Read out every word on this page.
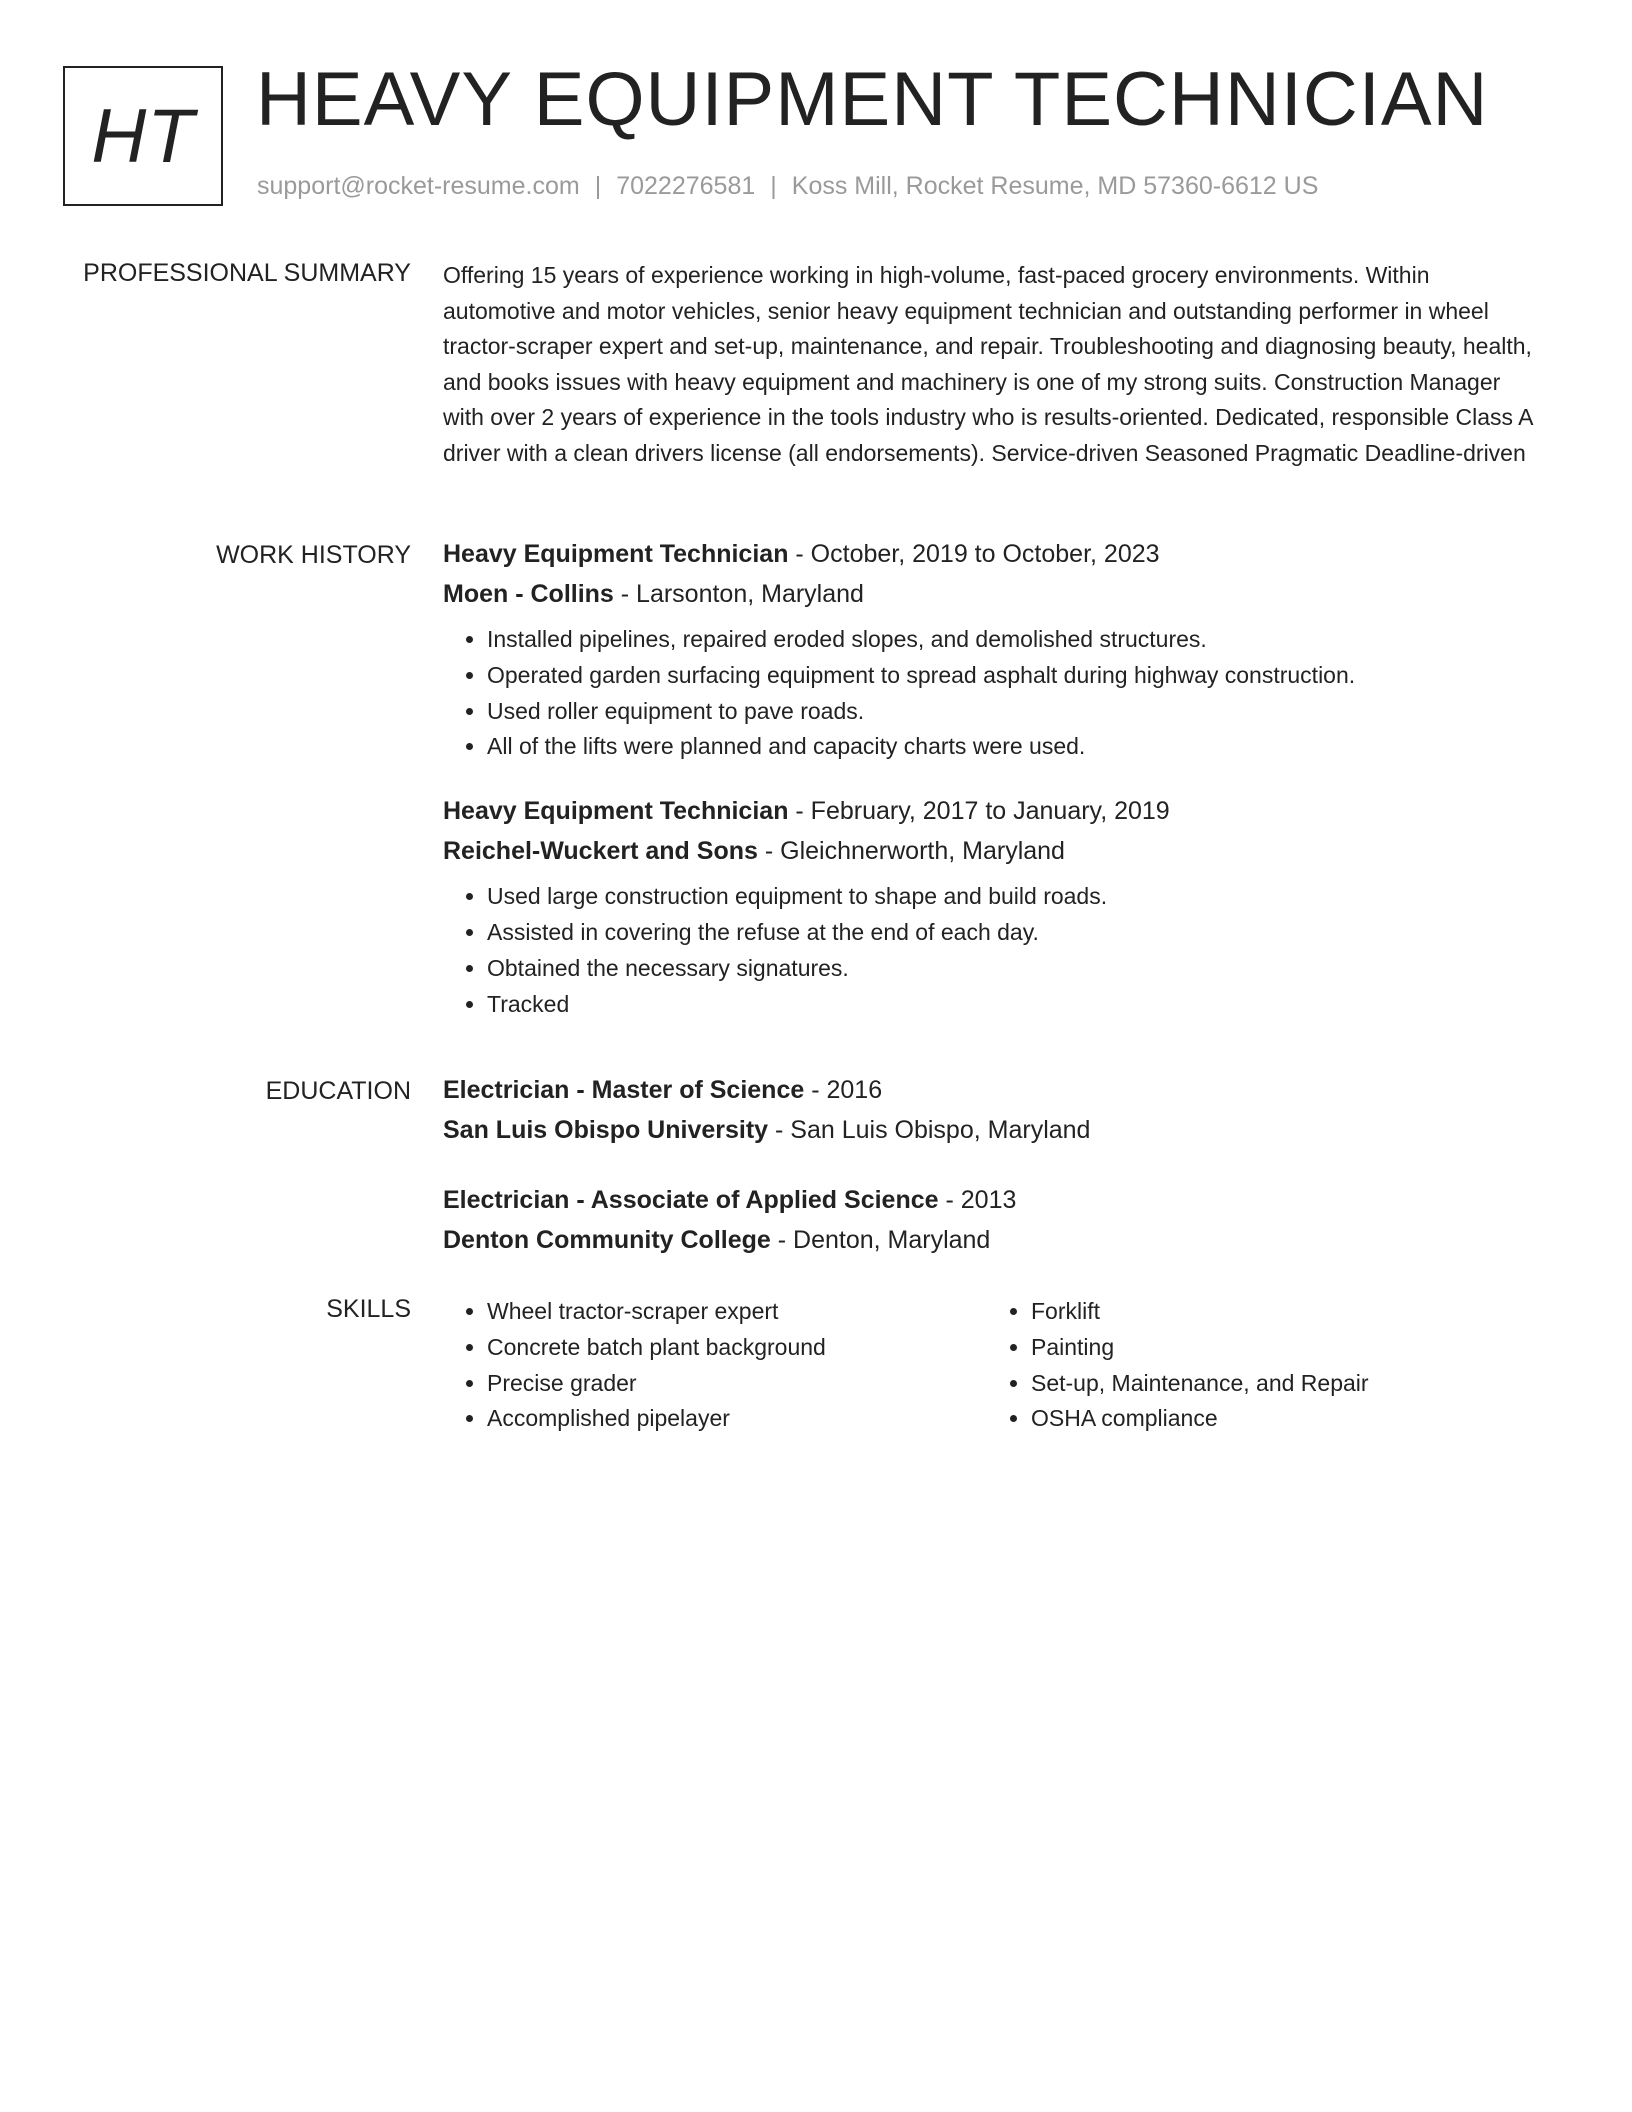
HT HEAVY EQUIPMENT TECHNICIAN
support@rocket-resume.com | 7022276581 | Koss Mill, Rocket Resume, MD 57360-6612 US
PROFESSIONAL SUMMARY Offering 15 years of experience working in high-volume, fast-paced grocery environments. Within automotive and motor vehicles, senior heavy equipment technician and outstanding performer in wheel tractor-scraper expert and set-up, maintenance, and repair. Troubleshooting and diagnosing beauty, health, and books issues with heavy equipment and machinery is one of my strong suits. Construction Manager with over 2 years of experience in the tools industry who is results-oriented. Dedicated, responsible Class A driver with a clean drivers license (all endorsements). Service-driven Seasoned Pragmatic Deadline-driven

WORK HISTORY Heavy Equipment Technician - October, 2019 to October, 2023
Moen - Collins - Larsonton, Maryland
• Installed pipelines, repaired eroded slopes, and demolished structures.
• Operated garden surfacing equipment to spread asphalt during highway construction.
• Used roller equipment to pave roads.
• All of the lifts were planned and capacity charts were used.
Heavy Equipment Technician - February, 2017 to January, 2019
Reichel-Wuckert and Sons - Gleichnerworth, Maryland
• Used large construction equipment to shape and build roads.
• Assisted in covering the refuse at the end of each day.
• Obtained the necessary signatures.
• Tracked
EDUCATION Electrician - Master of Science - 2016
San Luis Obispo University - San Luis Obispo, Maryland
Electrician - Associate of Applied Science - 2013
Denton Community College - Denton, Maryland
SKILLS
•	Wheel tractor-scraper expert
• Concrete batch plant background
• Precise grader
• Accomplished pipelayer
• Forklift
• Painting
• Set-up, Maintenance, and Repair
• OSHA compliance
